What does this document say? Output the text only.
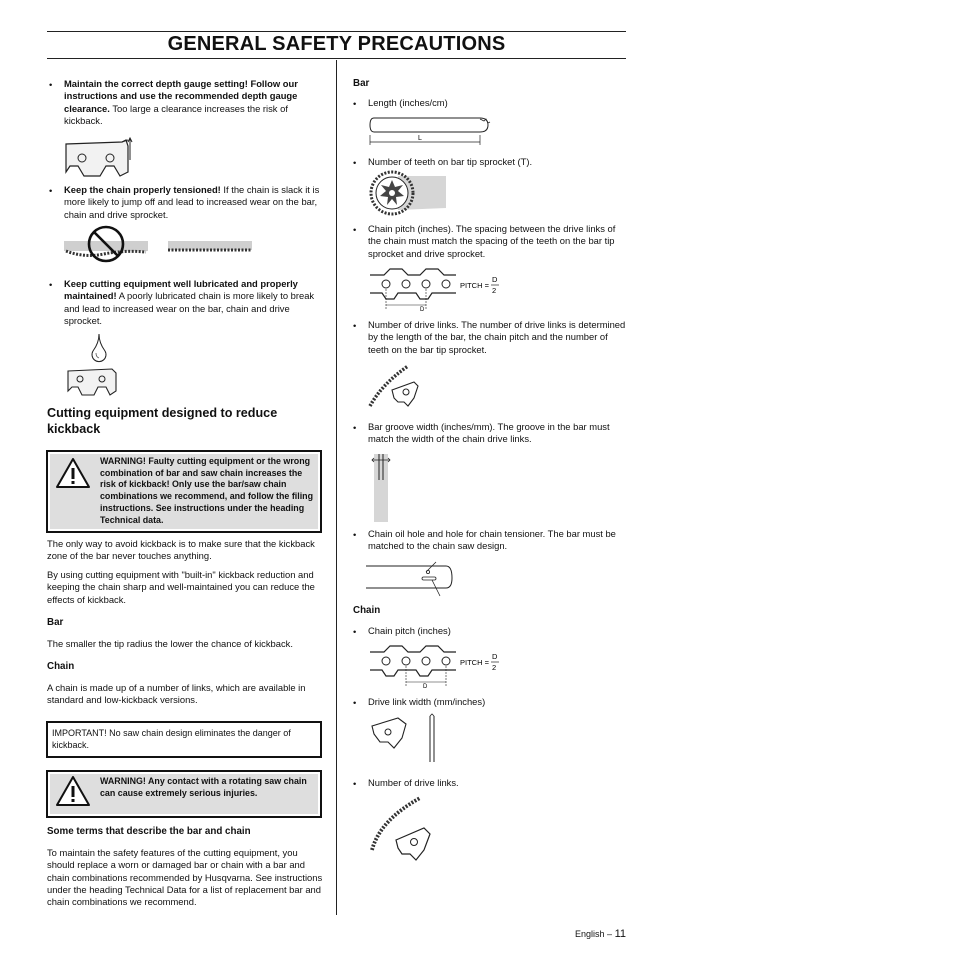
GENERAL SAFETY PRECAUTIONS
• Maintain the correct depth gauge setting! Follow our instructions and use the recommended depth gauge clearance. Too large a clearance increases the risk of kickback.
• Keep the chain properly tensioned! If the chain is slack it is more likely to jump off and lead to increased wear on the bar, chain and drive sprocket.
• Keep cutting equipment well lubricated and properly maintained! A poorly lubricated chain is more likely to break and lead to increased wear on the bar, chain and drive sprocket.
Cutting equipment designed to reduce kickback
WARNING! Faulty cutting equipment or the wrong combination of bar and saw chain increases the risk of kickback! Only use the bar/saw chain combinations we recommend, and follow the filing instructions. See instructions under the heading Technical data.
The only way to avoid kickback is to make sure that the kickback zone of the bar never touches anything.
By using cutting equipment with "built-in" kickback reduction and keeping the chain sharp and well-maintained you can reduce the effects of kickback.
Bar
The smaller the tip radius the lower the chance of kickback.
Chain
A chain is made up of a number of links, which are available in standard and low-kickback versions.
IMPORTANT! No saw chain design eliminates the danger of kickback.
WARNING! Any contact with a rotating saw chain can cause extremely serious injuries.
Some terms that describe the bar and chain
To maintain the safety features of the cutting equipment, you should replace a worn or damaged bar or chain with a bar and chain combinations recommended by Husqvarna. See instructions under the heading Technical Data for a list of replacement bar and chain combinations we recommend.
Bar
• Length (inches/cm)
L
• Number of teeth on bar tip sprocket (T).
• Chain pitch (inches). The spacing between the drive links of the chain must match the spacing of the teeth on the bar tip sprocket and drive sprocket.
D
PITCH =
D
2
• Number of drive links. The number of drive links is determined by the length of the bar, the chain pitch and the number of teeth on the bar tip sprocket.
• Bar groove width (inches/mm). The groove in the bar must match the width of the chain drive links.
• Chain oil hole and hole for chain tensioner. The bar must be matched to the chain saw design.
Chain
• Chain pitch (inches)
D
PITCH =
D
2
• Drive link width (mm/inches)
• Number of drive links.
English – 11
